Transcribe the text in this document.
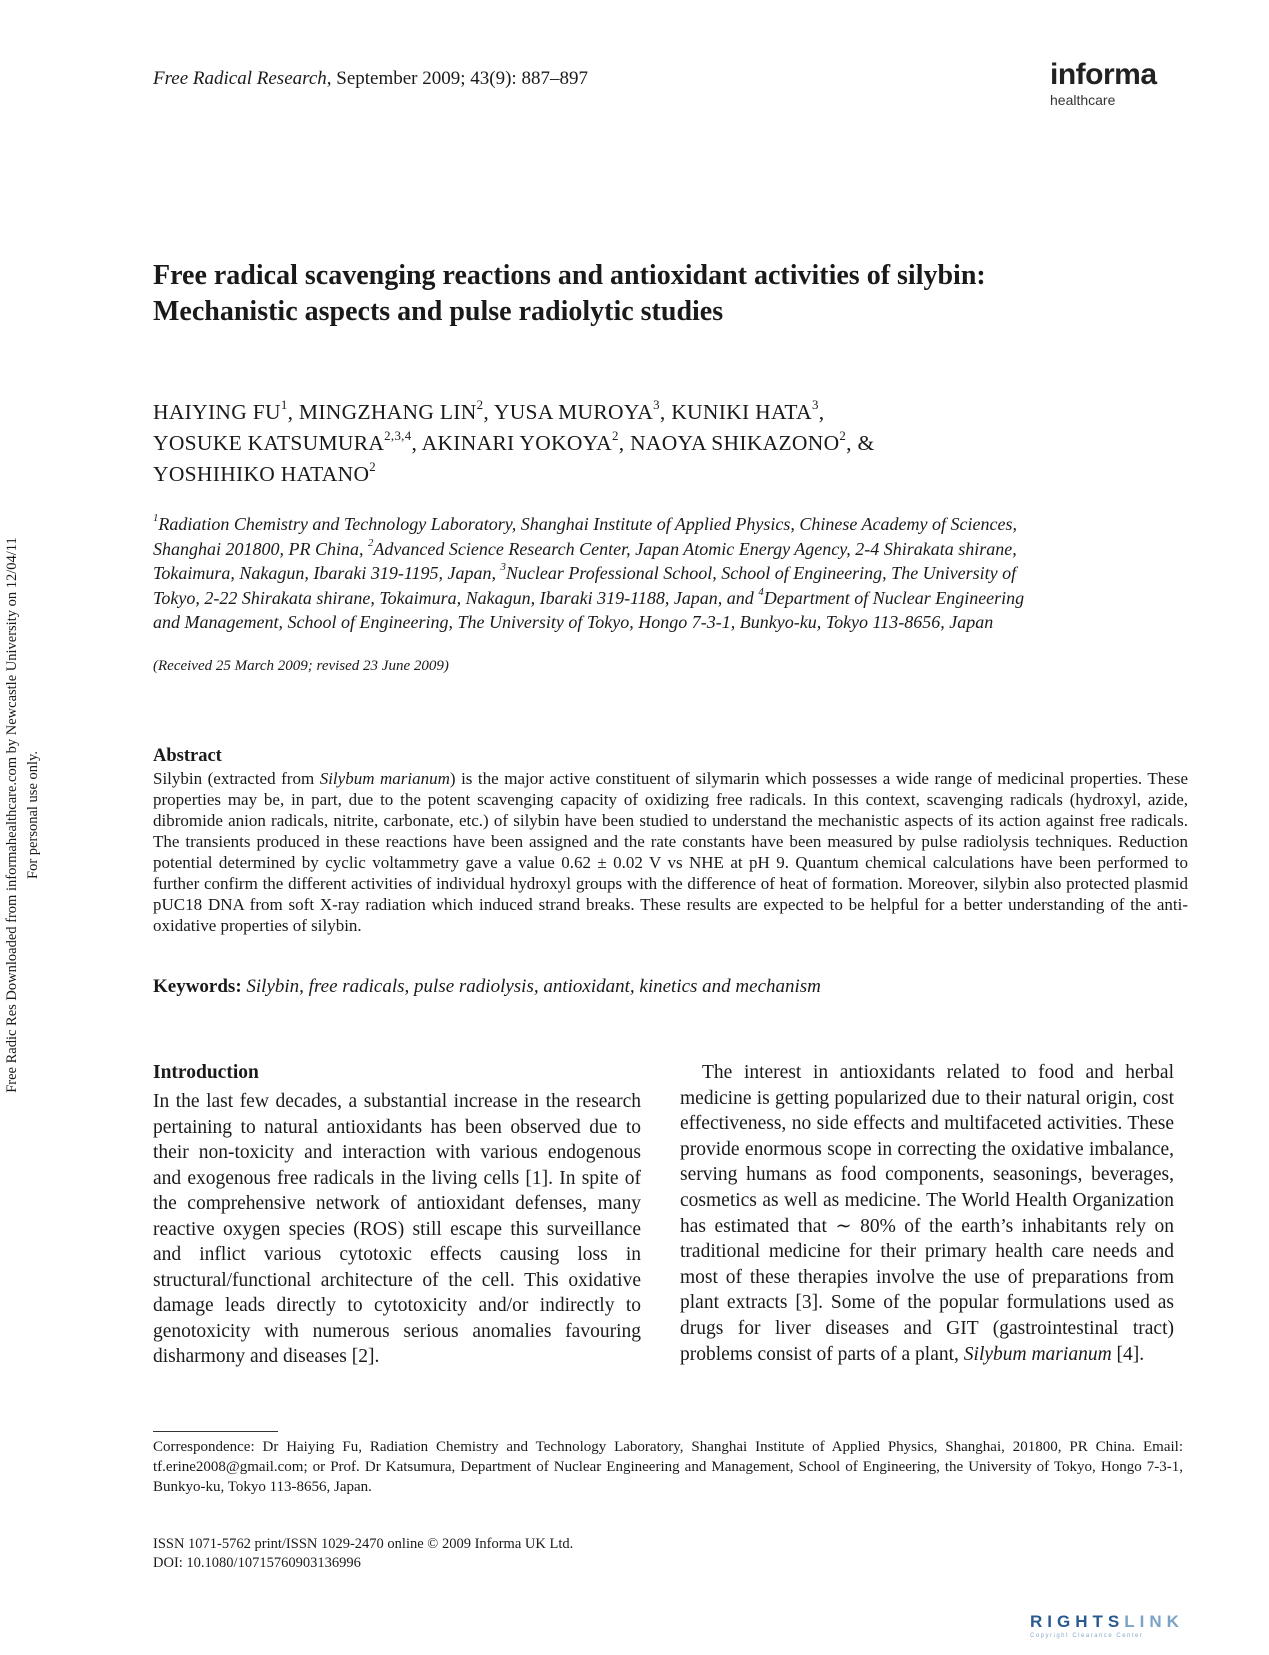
Free Radical Research, September 2009; 43(9): 887–897	informa
healthcare
Free radical scavenging reactions and antioxidant activities of silybin:
Mechanistic aspects and pulse radiolytic studies
HAIYING $FU^1$, MINGZHANG LIN$^2$, YUSA MUROYA$^3$, KUNIKI HATA$^3$,
YOSUKE KATSUMURA$^{2,3,4}$, AKINARI YOKOYA$^2$, NAOYA SHIKAZONO$^2$, &
YOSHIHIKO HATANO$^2$
$^1$Radiation Chemistry and Technology Laboratory, Shanghai Institute of Applied Physics, Chinese Academy of Sciences,
Shanghai 201800, PR China, $^2$Advanced Science Research Center, Japan Atomic Energy Agency, 2-4 Shirakata shirane,
Tokaimura, Nakagun, Ibaraki 319-1195, Japan, $^3$Nuclear Professional School, School of Engineering, The University of
Tokyo, 2-22 Shirakata shirane, Tokaimura, Nakagun, Ibaraki 319-1188, Japan, and $^4$Department of Nuclear Engineering
and Management, School of Engineering, The University of Tokyo, Hongo 7-3-1, Bunkyo-ku, Tokyo 113-8656, Japan
(Received 25 March 2009; revised 23 June 2009)
Abstract
Silybin (extracted from Silybum marianum) is the major active constituent of silymarin which possesses a wide range of medicinal properties. These properties may be, in part, due to the potent scavenging capacity of oxidizing free radicals. In this context, scavenging radicals (hydroxyl, azide, dibromide anion radicals, nitrite, carbonate, etc.) of silybin have been studied to understand the mechanistic aspects of its action against free radicals. The transients produced in these reactions have been assigned and the rate constants have been measured by pulse radiolysis techniques. Reduction potential determined by cyclic voltammetry gave a value 0.62 ± 0.02 V vs NHE at pH 9. Quantum chemical calculations have been performed to further confirm the different activities of individual hydroxyl groups with the difference of heat of formation. Moreover, silybin also protected plasmid pUC18 DNA from soft X-ray radiation which induced strand breaks. These results are expected to be helpful for a better understanding of the anti-oxidative properties of silybin.
Keywords: Silybin, free radicals, pulse radiolysis, antioxidant, kinetics and mechanism
Introduction

In the last few decades, a substantial increase in the research pertaining to natural antioxidants has been observed due to their non-toxicity and interaction with various endogenous and exogenous free radicals in the living cells [1]. In spite of the comprehensive network of antioxidant defenses, many reactive oxygen species (ROS) still escape this surveillance and inflict various cytotoxic effects causing loss in structural/functional architecture of the cell. This oxidative damage leads directly to cytotoxicity and/or indirectly to genotoxicity with numerous serious anomalies favouring disharmony and diseases [2].

The interest in antioxidants related to food and herbal medicine is getting popularized due to their natural origin, cost effectiveness, no side effects and multifaceted activities. These provide enormous scope in correcting the oxidative imbalance, serving humans as food components, seasonings, beverages, cosmetics as well as medicine. The World Health Organization has estimated that ∼ 80% of the earth’s inhabitants rely on traditional medicine for their primary health care needs and most of these therapies involve the use of preparations from plant extracts [3]. Some of the popular formulations used as drugs for liver diseases and GIT (gastrointestinal tract) problems consist of parts of a plant, Silybum marianum [4].

Correspondence: Dr Haiying Fu, Radiation Chemistry and Technology Laboratory, Shanghai Institute of Applied Physics, Shanghai, 201800, PR China. Email: tf.erine2008@gmail.com; or Prof. Dr Katsumura, Department of Nuclear Engineering and Management, School of Engineering, the University of Tokyo, Hongo 7-3-1, Bunkyo-ku, Tokyo 113-8656, Japan.
ISSN 1071-5762 print/ISSN 1029-2470 online © 2009 Informa UK Ltd.
DOI: 10.1080/10715760903136996
Free Radic Res Downloaded from informahealthcare.com by Newcastle University on 12/04/11 For personal use only.
RIGHTSLINK
Copyright Clearance Center
